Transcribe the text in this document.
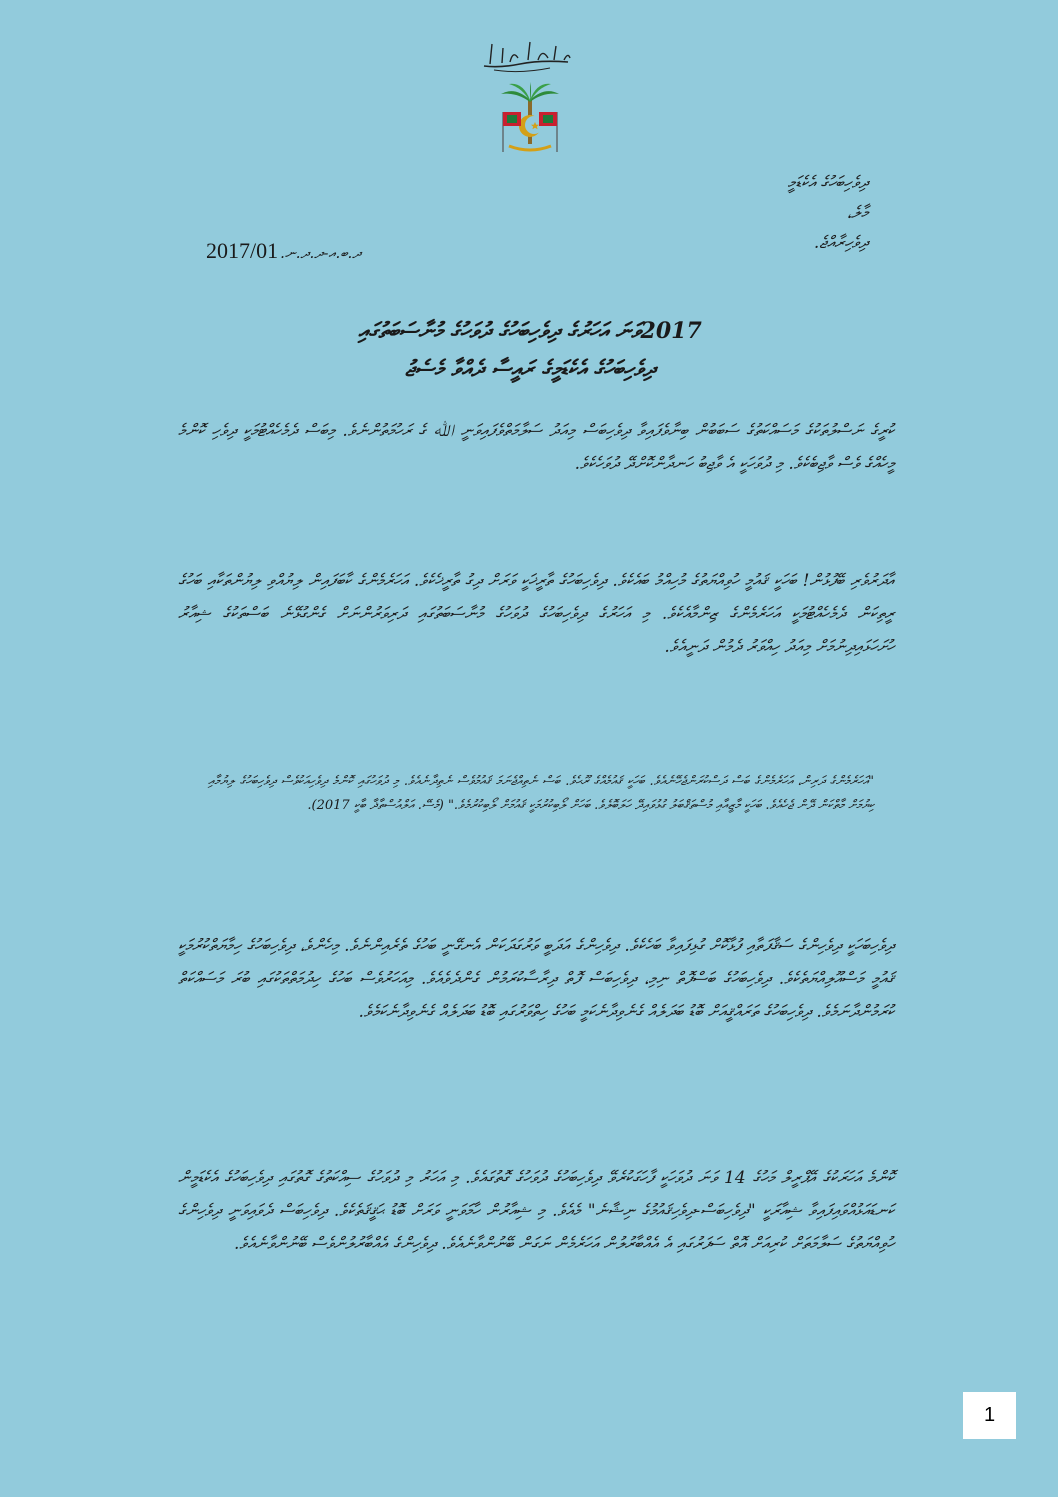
ދިވެހިބަހުގެ އެކެޑަމީ
މާލެ،
ދިވެހިރާއްޖެ.
ދ.ބ.އ-ދ.ދ.ނ.
2017/01
2017ވަނަ އަހަރުގެ ދިވެހިބަހުގެ ދުވަހުގެ މުނާސަބަތުގައި
ދިވެހިބަހުގެ އެކެޑަމީގެ ރައީސާ ދެއްވާ މެސެޖު

ކުރީގެ ނަސްލުތަކުގެ މަސައްކަތުގެ ސަބަބުން ބިނާވެފައިވާ ދިވެހިބަސް މިއަދު ސަލާމަތްވެފައިވަނީ ﷲ ގެ ރަހުމަތުންނެވެ. މިބަސް ދެމެހެއްޓުމަކީ ދިވެހި ކޮންމެ މީހެއްގެ ވެސް ވާޖިބެކެވެ. މި ދުވަހަކީ އެ ވާޖިބު ހަނދާންކޮށްދޭ ދުވަހެކެވެ.

އާދަރުވެރި ބޭފުޅުން! ބަހަކީ ޤައުމީ ހުވިއްޔަތުގެ މުހިއްމު ބައެކެވެ. ދިވެހިބަހުގެ ތާރީޚަކީ ވަރަށް ދިގު ތާރީޚެކެވެ. އަހަރެމެންގެ ކާބަފައިން ލިޔުއްވި ލިޔުންތަކާއި ބަހުގެ ރީތިކަން ދެމެހެއްޓުމަކީ އަހަރެމެންގެ ޒިންމާއެކެވެ. މި އަހަރުގެ ދިވެހިބަހުގެ ދުވަހުގެ މުނާސަބަތުގައި ދަރިވަރުންނަށް ގެންގުޅޭނެ ބަސްތަކުގެ ޝިއާރު ހުށަހަޅައިދިނުމަށް މިއަދު ހިއްވަރު ދެމުން ދަނީއެވެ.

"އަހަރެމެންގެ ދަރިން، އަހަރެމެންގެ ބަސް ދަސްކުރަންޖެހޭނެއެވެ. ބަހަކީ ޤައުމެއްގެ ރޫޙެވެ. ބަސް ނެތިއްޖެނަމަ ޤައުމުވެސް ނެތިދާނެއެވެ. މި ދުވަހުގައި ކޮންމެ ދިވެހިއަކުވެސް ދިވެހިބަހުގެ ލިޔުމާއި ކިޔުމަށް މާތްކަން ދޭން ޖެހެއެވެ. ބަހަކީ މާޒީއާއި މުސްތަޤްބަލު ގުޅުވައިދޭ ހަލަބޮލެވެ. ބަހަށް ލޯބިކުރުމަކީ ޤައުމަށް ލޯބިކުރުމެވެ." (މެސޭ. އަލްއުސްތާޛާ ބާކީ 2017).

ދިވެހިބަހަކީ ދިވެހިންގެ ސަޤާފަތާއި ފުޅާކޮށް ގުޅިފައިވާ ބަހެކެވެ. ދިވެހިންގެ އަދަބީ ވަރުގަދަކަން އެނގޭނީ ބަހުގެ ތެރެއިންނެވެ. މިހެންވެ، ދިވެހިބަހުގެ ހިމާޔަތްކުރުމަކީ ޤައުމީ މަސްއޫލިއްޔަތެކެވެ. ދިވެހިބަހުގެ ބަސްފޮތް ނިމި، ދިވެހިބަސް ފޮތް ދިރާސާކުރަމުން ގެންދެވެއެވެ. މިއަހަރުވެސް ބަހުގެ ހިދުމަތްތަކުގައި ބުރަ މަސައްކަތް ކުރަމުންދާނަމެވެ. ދިވެހިބަހުގެ ތަރައްޤީއަށް ބޮޑު ބަދަލެއް ގެނެވިދާނެކަމީ ބަހުގެ ހިތްވަރުގައި ބޮޑު ބަދަލެއް ގެނެވިދާނެކަމެވެ.

ކޮންމެ އަހަރަކުގެ އޭޕްރީލް މަހުގެ 14 ވަނަ ދުވަހަކީ ފާހަގަކުރެވޭ ދިވެހިބަހުގެ ދުވަހުގެ ގޮތުގައެވެ. މި އަހަރު މި ދުވަހުގެ ސިއްކަތުގެ ގޮތުގައި ދިވެހިބަހުގެ އެކެޑަމީން ކަނޑައަޅުއްވައިފައިވާ ޝިއާރަކީ "ދިވެހިބަސް-ދިވެހިޤައުމުގެ ނިޝާނެ" މެއެވެ. މި ޝިއާރުން ހާމަވަނީ ވަރަށް ބޮޑު ޙަޤީޤަތެކެވެ. ދިވެހިބަސް ދެވައިވަނީ ދިވެހިންގެ ހުވިއްޔަތުގެ ސަލާމަތަށް ކުރިއަށް އޮތް ސަފަރުގައި އެ އެއްބާރުލުން އަހަރެމެން ނަގަން ބޭނުންވާނެއެވެ. ދިވެހިންގެ އެއްބާރުލުންވެސް ބޭނުންވާނެއެވެ.

1
